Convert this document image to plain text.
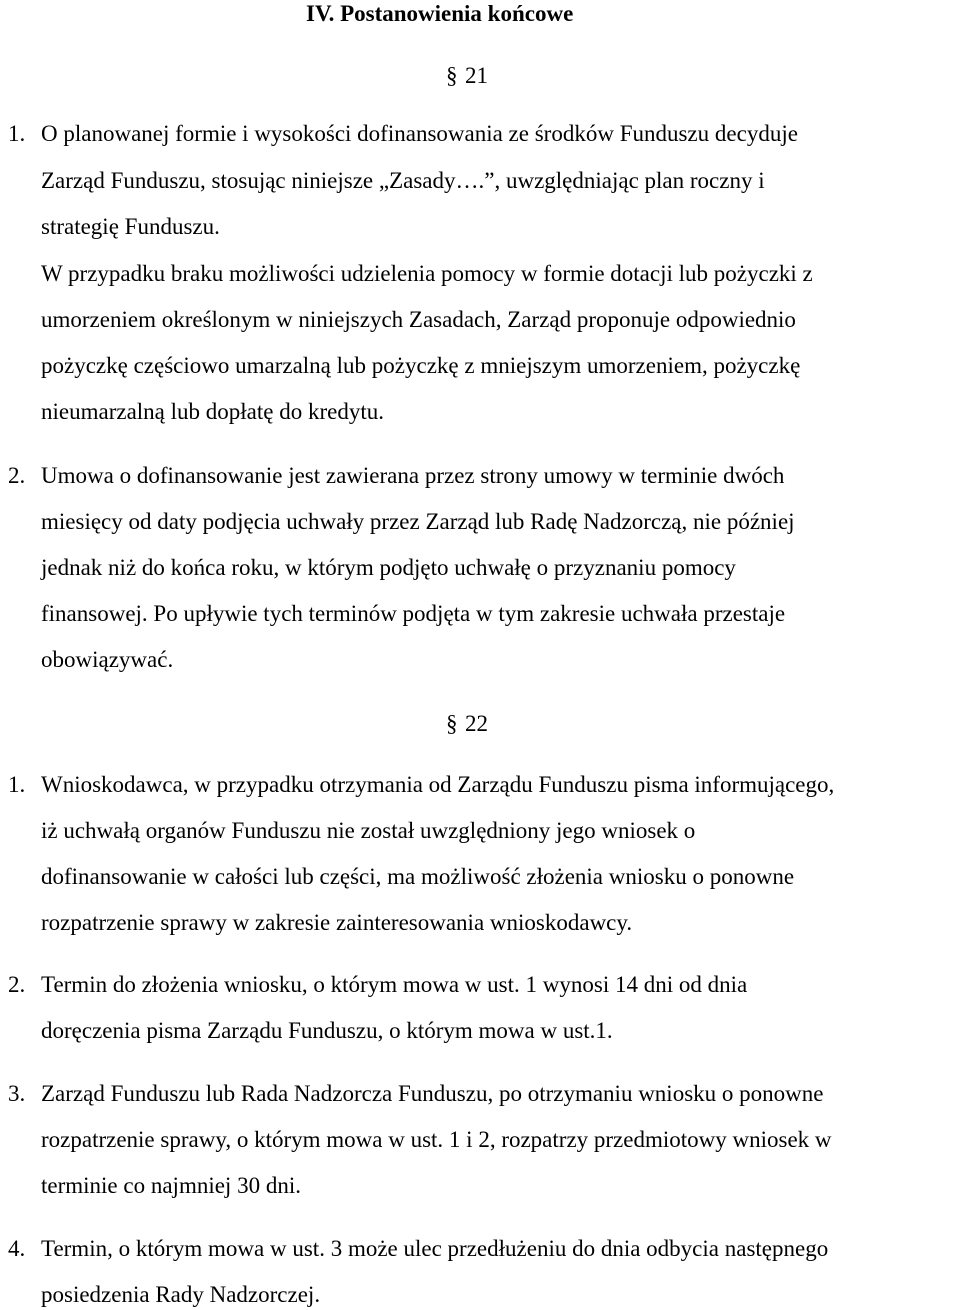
IV. Postanowienia końcowe
§ 21
1. O planowanej formie i wysokości dofinansowania ze środków Funduszu decyduje
Zarząd Funduszu, stosując niniejsze „Zasady….”, uwzględniając plan roczny i
strategię Funduszu.
W przypadku braku możliwości udzielenia pomocy w formie dotacji lub pożyczki z
umorzeniem określonym w niniejszych Zasadach, Zarząd proponuje odpowiednio
pożyczkę częściowo umarzalną lub pożyczkę z mniejszym umorzeniem, pożyczkę
nieumarzalną lub dopłatę do kredytu.
2. Umowa o dofinansowanie jest zawierana przez strony umowy w terminie dwóch
miesięcy od daty podjęcia uchwały przez Zarząd lub Radę Nadzorczą, nie później
jednak niż do końca roku, w którym podjęto uchwałę o przyznaniu pomocy
finansowej. Po upływie tych terminów podjęta w tym zakresie uchwała przestaje
obowiązywać.
§ 22
1. Wnioskodawca, w przypadku otrzymania od Zarządu Funduszu pisma informującego,
iż uchwałą organów Funduszu nie został uwzględniony jego wniosek o
dofinansowanie w całości lub części, ma możliwość złożenia wniosku o ponowne
rozpatrzenie sprawy w zakresie zainteresowania wnioskodawcy.
2. Termin do złożenia wniosku, o którym mowa w ust. 1 wynosi 14 dni od dnia
doręczenia pisma Zarządu Funduszu, o którym mowa w ust.1.
3. Zarząd Funduszu lub Rada Nadzorcza Funduszu, po otrzymaniu wniosku o ponowne
rozpatrzenie sprawy, o którym mowa w ust. 1 i 2, rozpatrzy przedmiotowy wniosek w
terminie co najmniej 30 dni.
4. Termin, o którym mowa w ust. 3 może ulec przedłużeniu do dnia odbycia następnego
posiedzenia Rady Nadzorczej.
